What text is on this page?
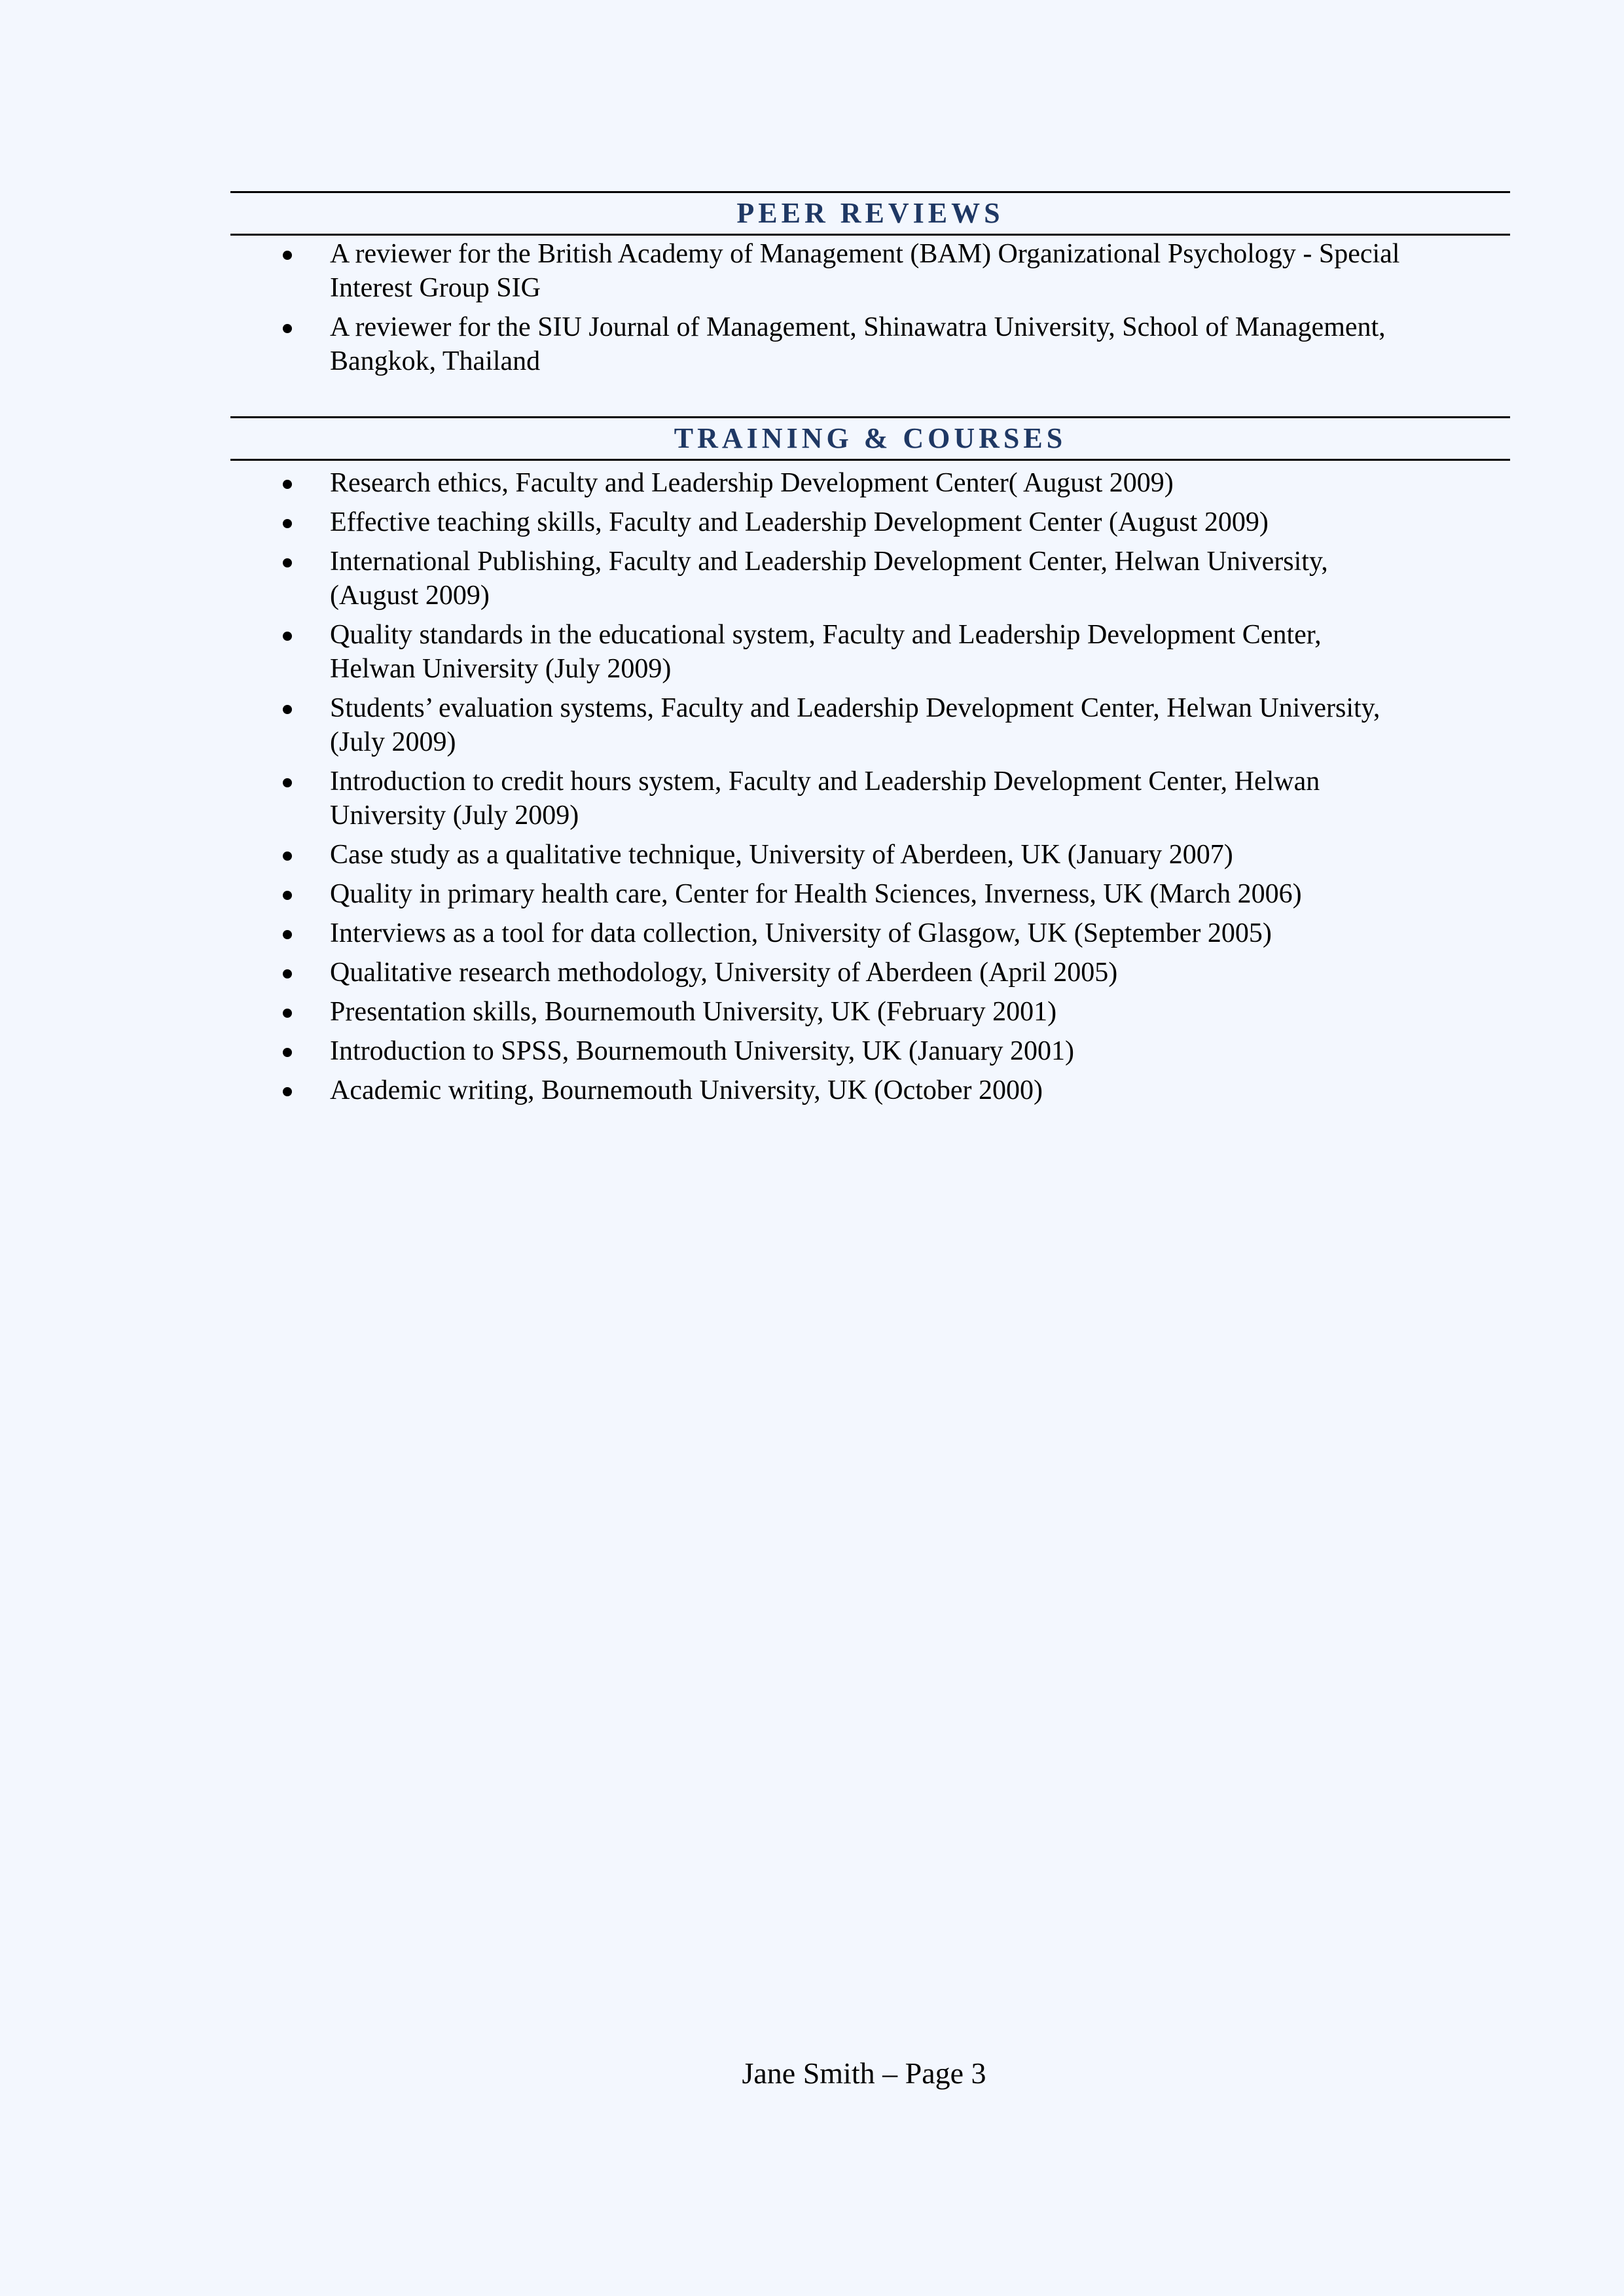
PEER REVIEWS
A reviewer for the British Academy of Management (BAM) Organizational Psychology - Special
Interest Group SIG
A reviewer for the SIU Journal of Management, Shinawatra University, School of Management,
Bangkok, Thailand
TRAINING & COURSES
Research ethics, Faculty and Leadership Development Center( August 2009)
Effective teaching skills, Faculty and Leadership Development Center (August 2009)
International Publishing, Faculty and Leadership Development Center, Helwan University,
(August 2009)
Quality standards in the educational system, Faculty and Leadership Development Center,
Helwan University (July 2009)
Students’ evaluation systems, Faculty and Leadership Development Center, Helwan University,
(July 2009)
Introduction to credit hours system, Faculty and Leadership Development Center, Helwan
University (July 2009)
Case study as a qualitative technique, University of Aberdeen, UK (January 2007)
Quality in primary health care, Center for Health Sciences, Inverness, UK (March 2006)
Interviews as a tool for data collection, University of Glasgow, UK (September 2005)
Qualitative research methodology, University of Aberdeen (April 2005)
Presentation skills, Bournemouth University, UK (February 2001)
Introduction to SPSS, Bournemouth University, UK (January 2001)
Academic writing, Bournemouth University, UK (October 2000)
Jane Smith – Page 3
